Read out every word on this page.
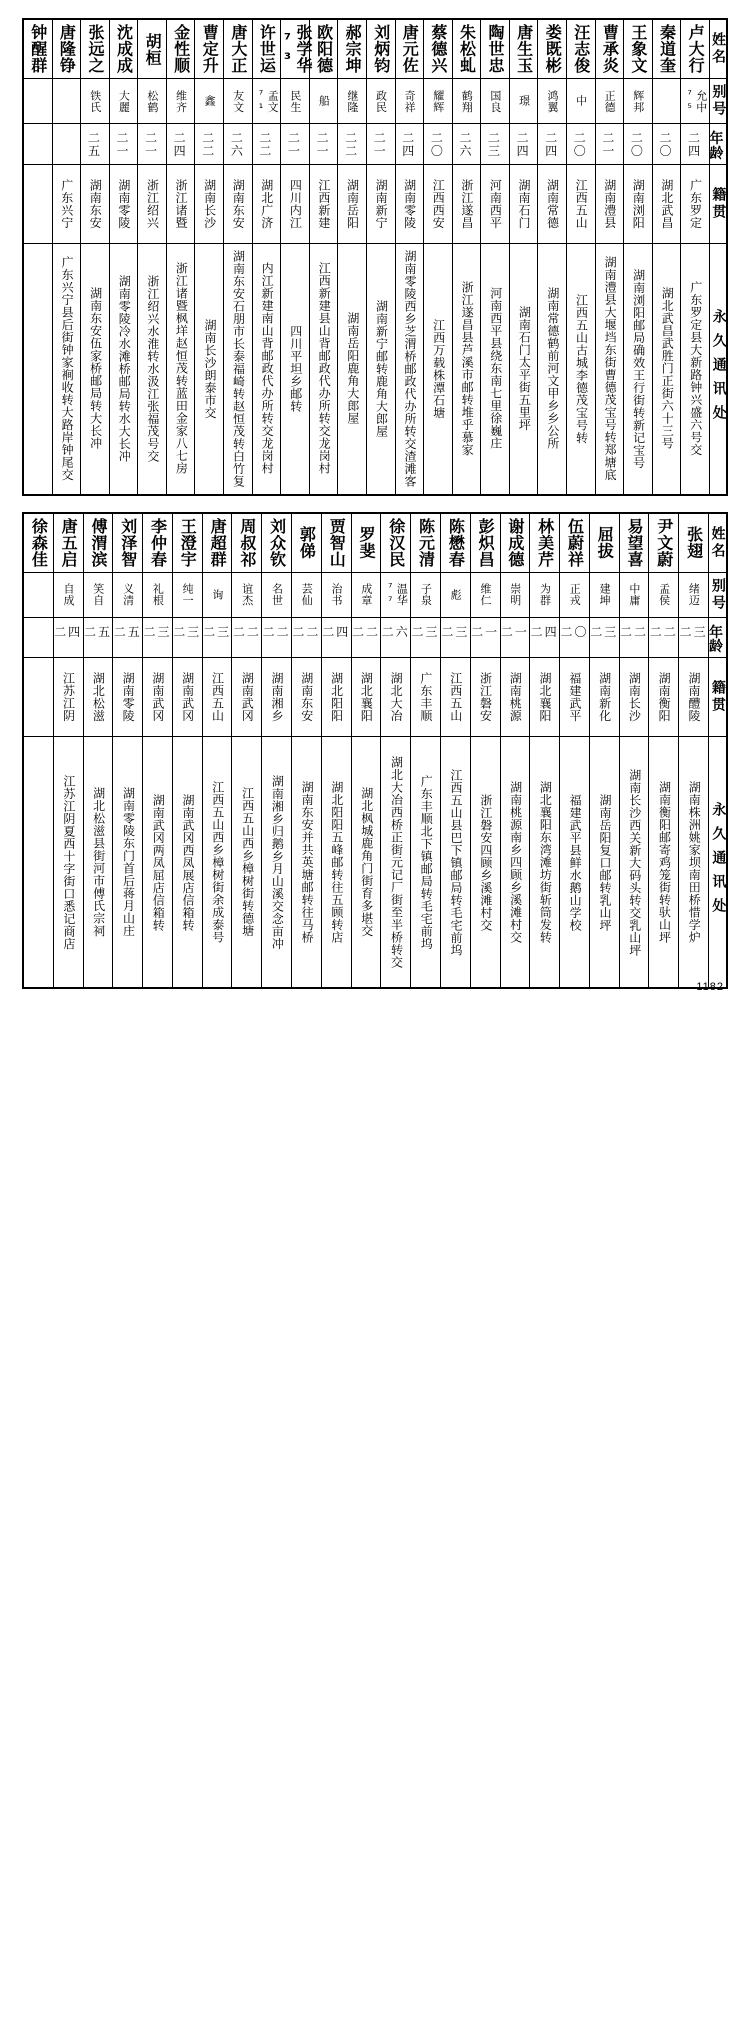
钟醒群	唐隆铮	张远之	沈成成	胡桓	金性顺	曹定升	唐大正	许世运	张学华⁷³	欧阳德	郝宗坤	刘炳钧	唐元佐	蔡德兴	朱松虬	陶世忠	唐生玉	娄既彬	汪志俊	曹承炎	王象文	秦道奎	卢大行	姓名

		铁氏	大麗	松鹤	维齐	鑫	友文	孟文⁷¹	民生	船	继隆	政民	奇祥	耀辉	鹤翔	国良	璟	鸿翼	中	正德	辉邦		允中⁷⁵	别号

		二五	二一	二一	二四	二二	二六	二二	二一	二一	二二	二一	二四	二〇	二六	二三	二四	二四	二〇	二一	二〇	二〇	二四	年龄

	广东兴宁	湖南东安	湖南零陵	浙江绍兴	浙江诸暨	湖南长沙	湖南东安	湖北广济	四川内江	江西新建	湖南岳阳	湖南新宁	湖南零陵	江西西安	浙江遂昌	河南西平	湖南石门	湖南常德	江西五山	湖南澧县	湖南浏阳	湖北武昌	广东罗定	籍贯

	广东兴宁县后街钟家裥收转大路岸钟尾交	湖南东安伍家桥邮局转大长冲	湖南零陵冷水滩桥邮局转水大长冲	浙江绍兴水淮转水汲江张福茂号交	浙江诸暨枫垟赵恒茂转蓝田金家八七房	湖南长沙朗泰市交	湖南东安石朋市长泰福崎转赵恒茂转白竹复	内江新建南山背邮政代办所转交龙岗村	四川平坦乡邮转	江西新建县山背邮政代办所转交龙岗村	湖南岳阳鹿角大郎屋	湖南新宁邮转鹿角大郎屋	湖南零陵西乡芝渭桥邮政代办所转交渣滩客	江西万载株潭石塘	浙江遂昌县芦溪市邮转堆乎慕家	河南西平县绕东南七里徐巍庄	湖南石门太平街五里坪	湖南常德鹤前河文甲乡乡公所	江西五山古城李德茂宝号转	湖南澧县大堰垱东街曹德茂宝号转郑塘底	湖南浏阳邮局确效王行街转新记宝号	湖北武昌武胜门正街六十三号	广东罗定县大新路钟兴盛六号交	永久通讯处
徐森佳	唐五启	傅渭滨	刘泽智	李仲春	王澄宇	唐超群	周叔祁	刘众钦	郭俤	贾智山	罗斐	徐汉民	陈元清	陈懋春	彭炽昌	谢成德	林美芹	伍蔚祥	屈拔	易望喜	尹文蔚	张翅	姓名

	自成	笑自	义清	礼根	纯一	询	谊杰	名世	芸仙	治书	成章	温华⁷⁷	子泉	彪	维仁	崇明	为群	正戎	建坤	中庸	孟侯	绪迈	别号

	二四	二五	二五	二三	二三	二三	二二	二二	二二	二四	二二	二六	二三	二三	二一	二一	二四	二〇	二三	二二	二二	二三	年龄

	江苏江阴	湖北松滋	湖南零陵	湖南武冈	湖南武冈	江西五山	湖南武冈	湖南湘乡	湖南东安	湖北阳阳	湖北襄阳	湖北大冶	广东丰顺	江西五山	浙江磐安	湖南桃源	湖北襄阳	福建武平	湖南新化	湖南长沙	湖南衡阳	湖南醴陵	籍贯

	江苏江阴夏西十字街口悉记商店	湖北松滋县街河市傅氏宗祠	湖南零陵东门首后蒋月山庄	湖南武冈两凤屈店信箱转	湖南武冈西凤展店信箱转	江西五山西乡樟树街余成泰号	江西五山西乡樟树街转德塘	湖南湘乡归鹅乡月山溪交念亩冲	湖南东安并共英塘邮转往马桥	湖北阳阳五峰邮转往五顾转店	湖北枫城鹿角门街育多堪交	湖北大冶西桥正街元记厂街至半桥转交	广东丰顺北下镇邮局转毛宅前坞	江西五山县巴下镇邮局转毛宅前坞	浙江磐安四顾乡溪滩村交	湖南桃源南乡四顾乡溪滩村交	湖北襄阳东湾滩坊街斩筒发转	福建武平县鲜水鹅山学校	湖南岳阳复口邮转乳山坪	湖南长沙西关新大码头转交乳山坪	湖南衡阳邮寄鸡笼街转驮山坪	湖南株洲姚家坝南田桥惜学炉	永久通讯处
1182
